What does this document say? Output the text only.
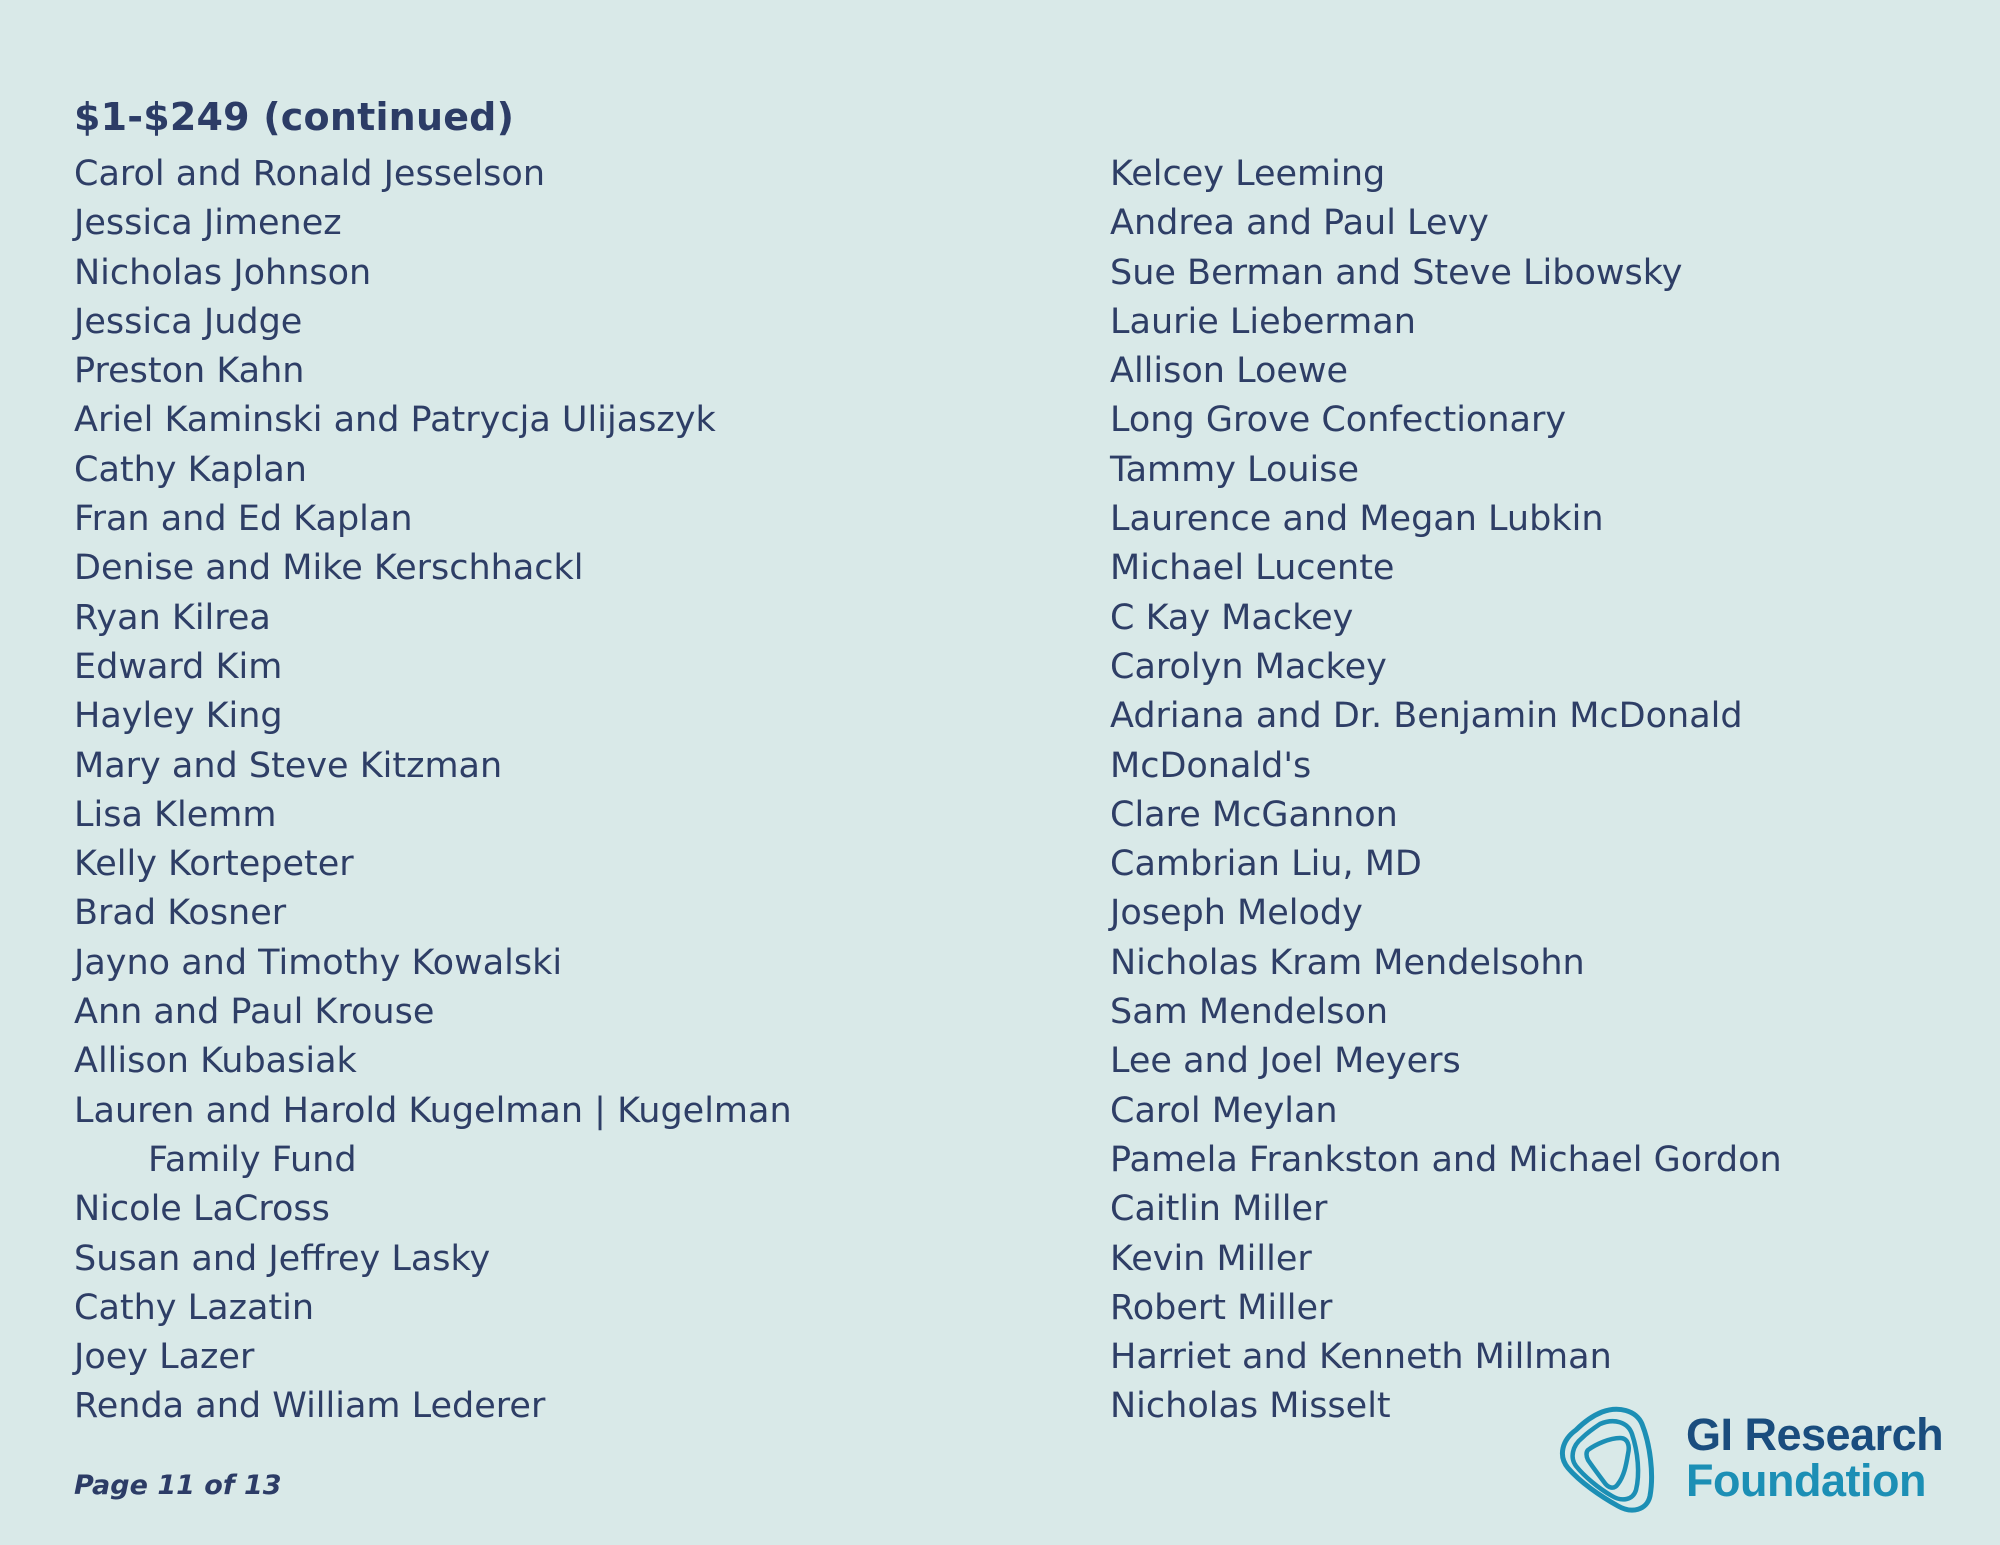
$1-$249 (continued)
Carol and Ronald Jesselson
Jessica Jimenez
Nicholas Johnson
Jessica Judge
Preston Kahn
Ariel Kaminski and Patrycja Ulijaszyk
Cathy Kaplan
Fran and Ed Kaplan
Denise and Mike Kerschhackl
Ryan Kilrea
Edward Kim
Hayley King
Mary and Steve Kitzman
Lisa Klemm
Kelly Kortepeter
Brad Kosner
Jayno and Timothy Kowalski
Ann and Paul Krouse
Allison Kubasiak
Lauren and Harold Kugelman | Kugelman
Family Fund
Nicole LaCross
Susan and Jeffrey Lasky
Cathy Lazatin
Joey Lazer
Renda and William Lederer
Kelcey Leeming
Andrea and Paul Levy
Sue Berman and Steve Libowsky
Laurie Lieberman
Allison Loewe
Long Grove Confectionary
Tammy Louise
Laurence and Megan Lubkin
Michael Lucente
C Kay Mackey
Carolyn Mackey
Adriana and Dr. Benjamin McDonald
McDonald's
Clare McGannon
Cambrian Liu, MD
Joseph Melody
Nicholas Kram Mendelsohn
Sam Mendelson
Lee and Joel Meyers
Carol Meylan
Pamela Frankston and Michael Gordon
Caitlin Miller
Kevin Miller
Robert Miller
Harriet and Kenneth Millman
Nicholas Misselt
Page 11 of 13
GI Research
Foundation
